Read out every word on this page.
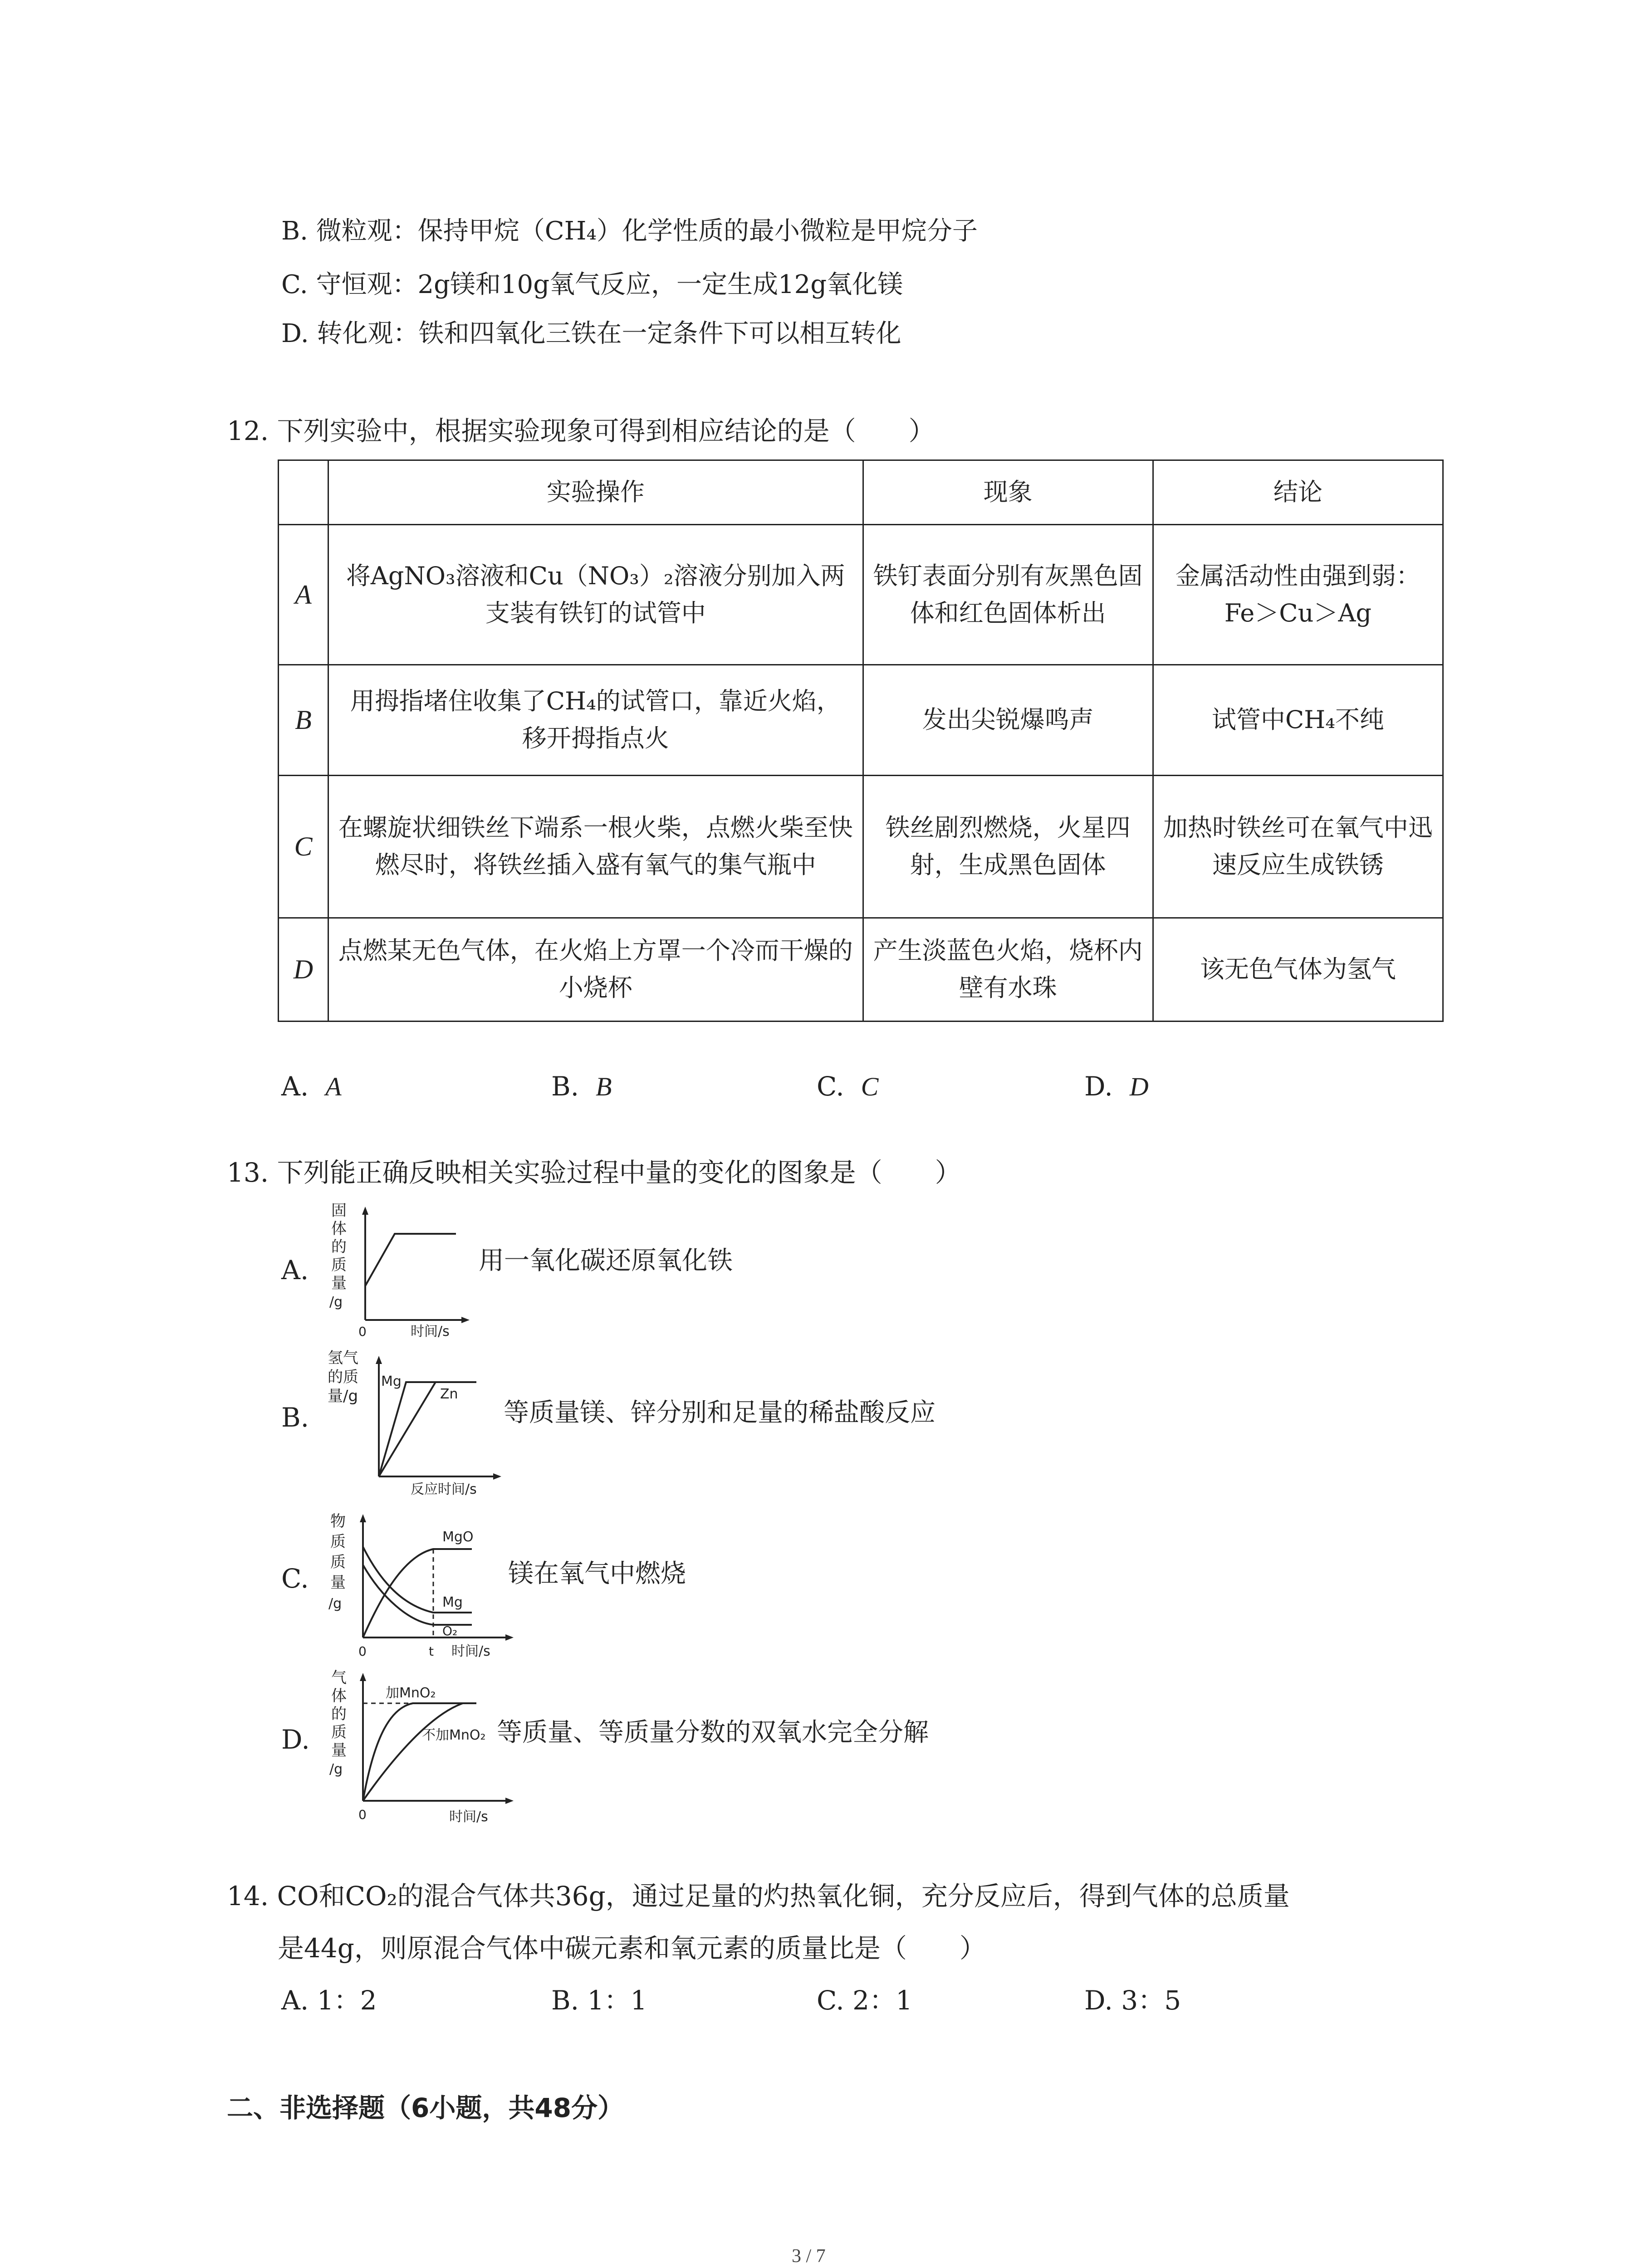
B. 微粒观：保持甲烷（CH₄）化学性质的最小微粒是甲烷分子
C. 守恒观：2g镁和10g氧气反应，一定生成12g氧化镁
D. 转化观：铁和四氧化三铁在一定条件下可以相互转化
12. 下列实验中，根据实验现象可得到相应结论的是（　　）
	实验操作	现象	结论
A	将AgNO₃溶液和Cu（NO₃）₂溶液分别加入两支装有铁钉的试管中	铁钉表面分别有灰黑色固体和红色固体析出	金属活动性由强到弱：Fe＞Cu＞Ag
B	用拇指堵住收集了CH₄的试管口，靠近火焰，移开拇指点火	发出尖锐爆鸣声	试管中CH₄不纯
C	在螺旋状细铁丝下端系一根火柴，点燃火柴至快燃尽时，将铁丝插入盛有氧气的集气瓶中	铁丝剧烈燃烧，火星四射，生成黑色固体	加热时铁丝可在氧气中迅速反应生成铁锈
D	点燃某无色气体，在火焰上方罩一个冷而干燥的小烧杯	产生淡蓝色火焰，烧杯内壁有水珠	该无色气体为氢气
A. A	B. B	C. C	D. D
13. 下列能正确反映相关实验过程中量的变化的图象是（　　）
A.
固
体
的
质
量
/g
0	时间/s
用一氧化碳还原氧化铁
B.
氢气
的质
量/g
Mg
Zn
反应时间/s
等质量镁、锌分别和足量的稀盐酸反应
C.
物
质
质
量
/g
MgO
Mg
O₂
0	t 时间/s
镁在氧气中燃烧
D.
气
体
的
质
量
/g
加MnO₂
不加MnO₂
0	时间/s
等质量、等质量分数的双氧水完全分解
14. CO和CO₂的混合气体共36g，通过足量的灼热氧化铜，充分反应后，得到气体的总质量
是44g，则原混合气体中碳元素和氧元素的质量比是（　　）
A. 1：2	B. 1：1	C. 2：1	D. 3：5
二、非选择题（6小题，共48分）
3 / 7
